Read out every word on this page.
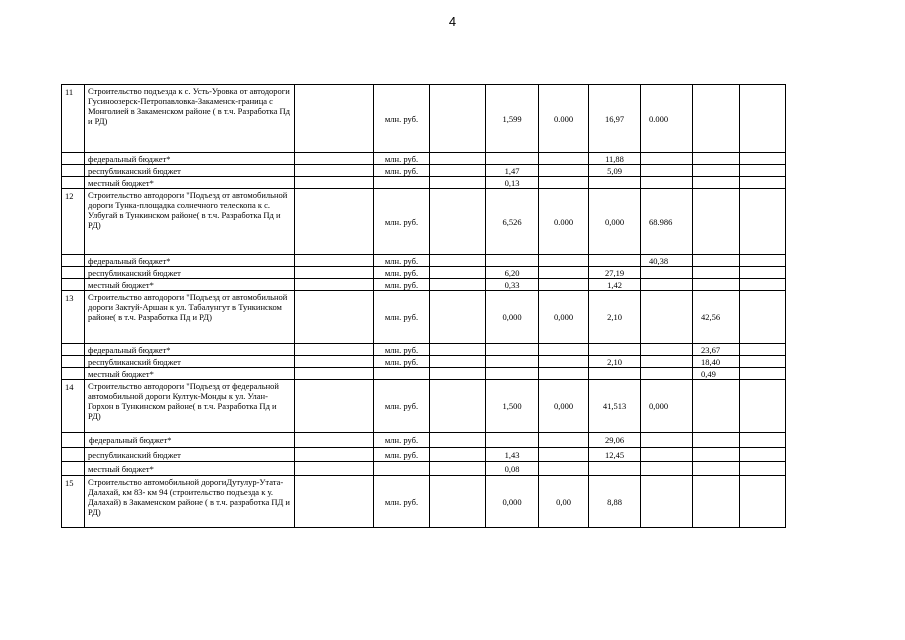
4
11	Строительство подъезда к с. Усть-Уровка от автодороги Гусиноозерск-Петропавловка-Закаменск-граница с Монголией в Закаменском районе ( в т.ч. Разработка Пд и РД)		млн. руб.		1,599	0.000	16,97	0.000		
	федеральный бюджет*		млн. руб.				11,88			
	республиканский бюджет		млн. руб.		1,47		5,09			
	местный бюджет*				0,13					
12	Строительство автодороги "Подъезд от автомобильной дороги Тунка-площадка солнечного телескопа к с. Улбугай в Тункинском районе( в т.ч. Разработка Пд и РД)		млн. руб.		6,526	0.000	0,000	68.986		
	федеральный бюджет*		млн. руб.					40,38		
	республиканский бюджет		млн. руб.		6,20		27,19			
	местный бюджет*		млн. руб.		0,33		1,42			
13	Строительство автодороги "Подъезд от автомобильной дороги Зактуй-Аршан к ул. Табалунгут в Тункинском районе( в т.ч. Разработка Пд и РД)		млн. руб.		0,000	0,000	2,10		42,56	
	федеральный бюджет*		млн. руб.						23,67	
	республиканский бюджет		млн. руб.				2,10		18,40	
	местный бюджет*								0,49	
14	Строительство автодороги "Подъезд от федеральной автомобильной дороги Култук-Монды к ул. Улан-Горхон в Тункинском районе( в т.ч. Разработка Пд и РД)		млн. руб.		1,500	0,000	41,513	0,000		
	федеральный бюджет*		млн. руб.				29,06			
	республиканский бюджет		млн. руб.		1,43		12,45			
	местный бюджет*				0,08					
15	Строительство автомобильной дорогиДутулур-Утата-Далахай, км 83- км 94 (строительство подъезда к у. Далахай) в Закаменском районе ( в т.ч. разработка ПД и РД)		млн. руб.		0,000	0,00	8,88			
